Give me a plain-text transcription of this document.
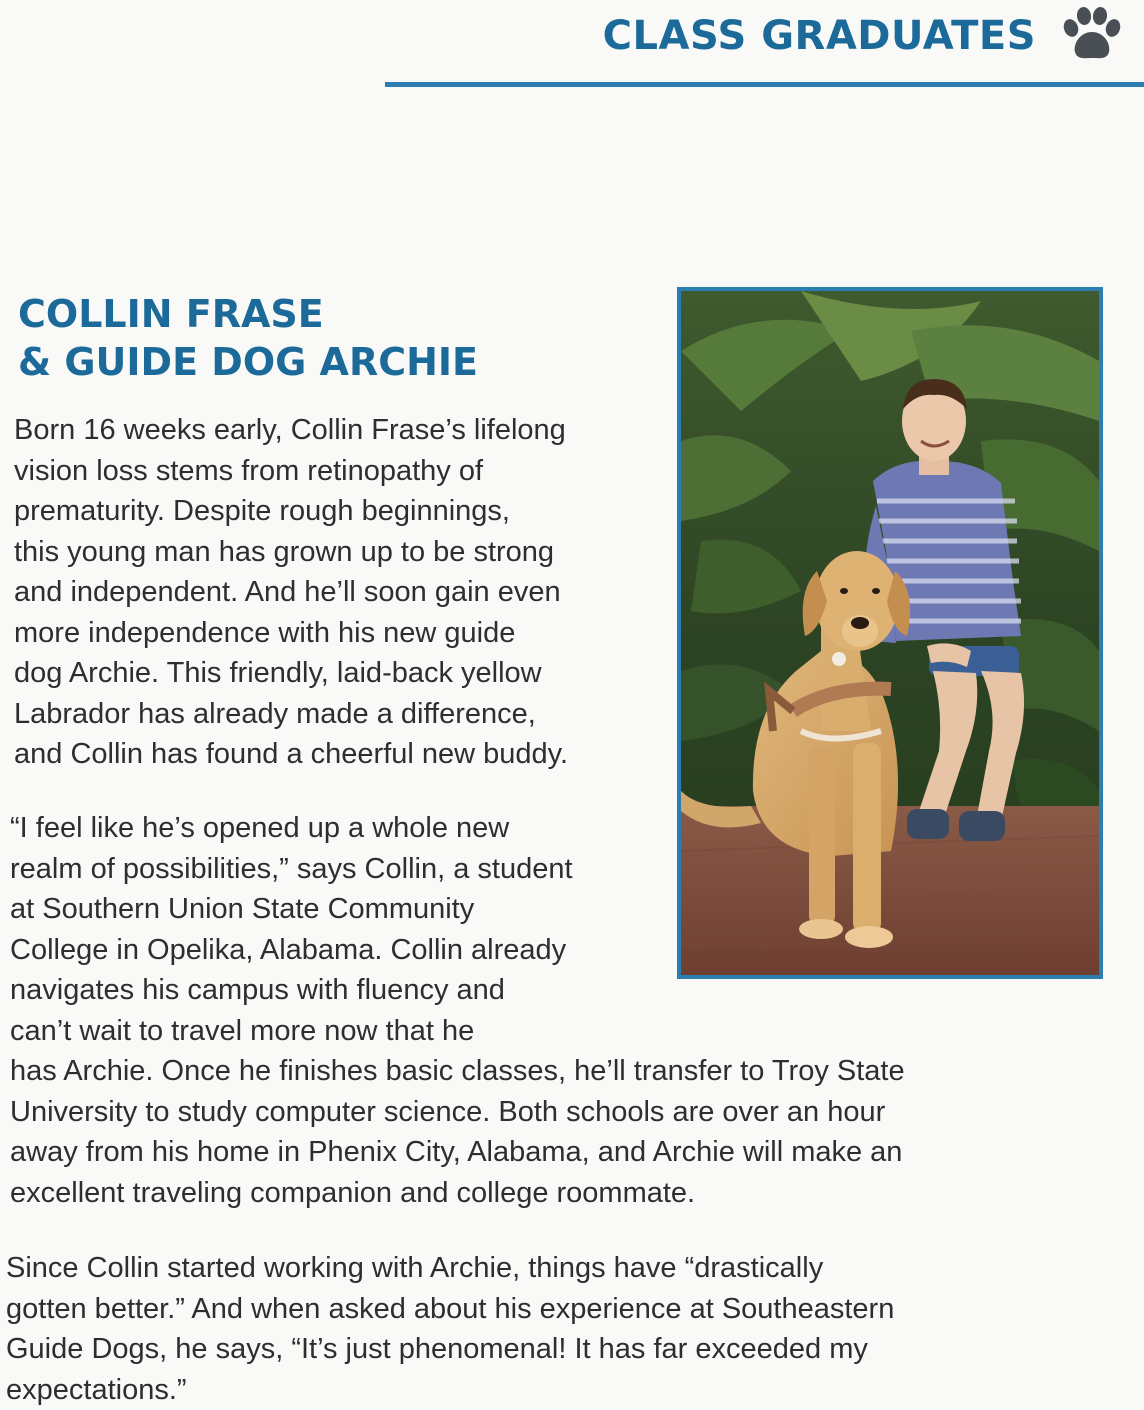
CLASS GRADUATES
COLLIN FRASE
& GUIDE DOG ARCHIE

Born 16 weeks early, Collin Frase’s lifelong
vision loss stems from retinopathy of
prematurity. Despite rough beginnings,
this young man has grown up to be strong
and independent. And he’ll soon gain even
more independence with his new guide
dog Archie. This friendly, laid-back yellow
Labrador has already made a difference,
and Collin has found a cheerful new buddy.

“I feel like he’s opened up a whole new
realm of possibilities,” says Collin, a student
at Southern Union State Community
College in Opelika, Alabama. Collin already
navigates his campus with fluency and
can’t wait to travel more now that he
has Archie. Once he finishes basic classes, he’ll transfer to Troy State
University to study computer science. Both schools are over an hour
away from his home in Phenix City, Alabama, and Archie will make an
excellent traveling companion and college roommate.

Since Collin started working with Archie, things have “drastically
gotten better.” And when asked about his experience at Southeastern
Guide Dogs, he says, “It’s just phenomenal! It has far exceeded my
expectations.”
